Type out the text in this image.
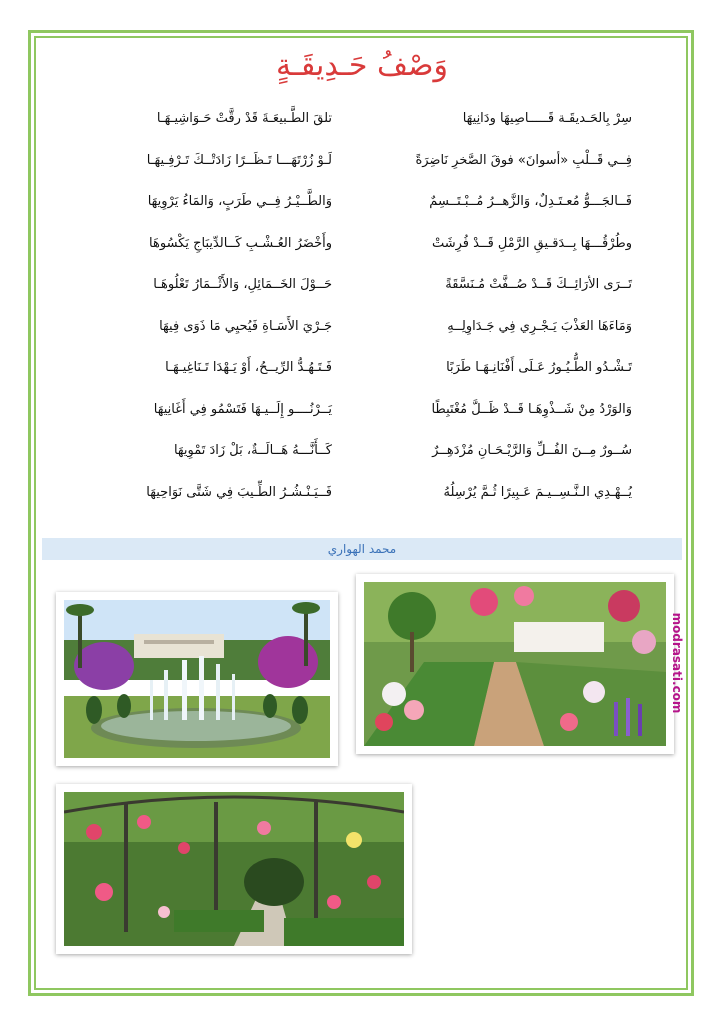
وَصْفُ حَـدِيقَـةٍ
سِرْ بِالحَـديقَـة قَـــــاصِيهَا ودَانِيهَا
تلقَ الطَّـبيعَـةَ قَدْ رقَّتْ حَـوَاشِيـهَـا
فِــي قَــلْبِ «أسوانَ» فوقَ الصَّخرِ نَاضِرَةً
لَـوْ زُرْتَهَـــا تَـظَــرًا زَادَتْــكَ تَـرْفِـيهَـا
فَــالجَـــوُّ مُعـتَـدِلٌ، وَالزَّهــرُ مُــبْـتَــسِمٌ
وَالطَّــيْـرُ فِــي طَرَبٍ، وَالمَاءُ يَرْوِيهَا
وطُرْقُـــهَا بِــدَقـيقِ الرَّمْلِ قَــدْ فُرِشَتْ
وأَخْضَرُ العُـشْـبِ كَــالدِّيبَاجِ يَكْسُوهَا
تَــرَى الأرَائِــكَ قَــدْ صُــفَّتْ مُـنَسَّقَةً
حَــوْلَ الخَــمَائِلِ، وَالأَثْــمَارُ تَعْلُوهَـا
وَمَاءَهَا العَذْبَ يَـجْـرِي فِي جَـدَاوِلِــهِ
جَـرْيَ الأَسَـاةِ فَيُحيِي مَا ذَوَى فِيهَا
تَـشْـدُو الطُّـيُـورُ عَـلَى أَفْنَانِـهَـا طَرَبًا
فَـتَـهُـدُّ الرِّيــحُ، أَوْ يَـهْدَا تَـنَاغِيـهَـا
وَالوَرْدُ مِنْ شَــذْوِهَـا قَــدْ ظَــلَّ مُغْتَبِطًا
يَــرْنُــــو إِلَــيـهَا فَتَسْمُو فِي أَغَانِيهَا
سُــورٌ مِــنَ الفُــلِّ وَالرَّيْـحَـانِ مُزْدَهِــرٌ
كَــأَنَّـــهُ هَــالَــةٌ، بَلْ زَادَ تَمْوِيهَا
يُــهْـدِي الـنَّـسِــيـمَ عَـبِيرًا ثُـمَّ يُرْسِلُهُ
فَــيَـنْـشُـرُ الطِّـيبَ فِي شَتَّى نَوَاحِيهَا
محمد الهواري
modrasati.com
